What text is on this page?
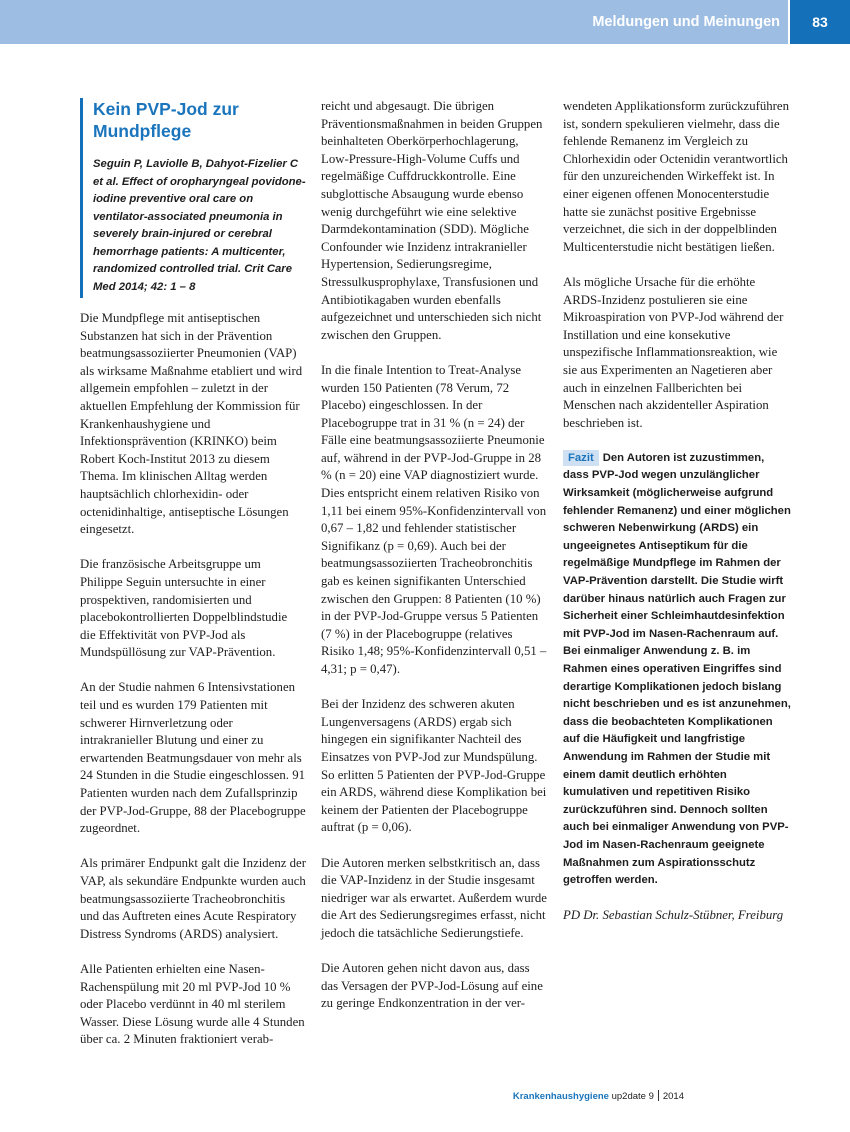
Meldungen und Meinungen	83
Kein PVP-Jod zur Mundpflege
Seguin P, Laviolle B, Dahyot-Fizelier C et al. Effect of oropharyngeal povidone-iodine preventive oral care on ventilator-associated pneumonia in severely brain-injured or cerebral hemorrhage patients: A multicenter, randomized controlled trial. Crit Care Med 2014; 42: 1 – 8

Die Mundpflege mit antiseptischen Substanzen hat sich in der Prävention beatmungsassoziierter Pneumonien (VAP) als wirksame Maßnahme etabliert und wird allgemein empfohlen – zuletzt in der aktuellen Empfehlung der Kommission für Krankenhaushygiene und Infektionsprävention (KRINKO) beim Robert Koch-Institut 2013 zu diesem Thema. Im klinischen Alltag werden hauptsächlich chlorhexidin- oder octenidinhaltige, antiseptische Lösungen eingesetzt.

Die französische Arbeitsgruppe um Philippe Seguin untersuchte in einer prospektiven, randomisierten und placebokontrollierten Doppelblindstudie die Effektivität von PVP-Jod als Mundspüllösung zur VAP-Prävention.

An der Studie nahmen 6 Intensivstationen teil und es wurden 179 Patienten mit schwerer Hirnverletzung oder intrakranieller Blutung und einer zu erwartenden Beatmungsdauer von mehr als 24 Stunden in die Studie eingeschlossen. 91 Patienten wurden nach dem Zufallsprinzip der PVP-Jod-Gruppe, 88 der Placebogruppe zugeordnet.

Als primärer Endpunkt galt die Inzidenz der VAP, als sekundäre Endpunkte wurden auch beatmungsassoziierte Tracheobronchitis und das Auftreten eines Acute Respiratory Distress Syndroms (ARDS) analysiert.

Alle Patienten erhielten eine Nasen-Rachenspülung mit 20 ml PVP-Jod 10 % oder Placebo verdünnt in 40 ml sterilem Wasser. Diese Lösung wurde alle 4 Stunden über ca. 2 Minuten fraktioniert verab-

reicht und abgesaugt. Die übrigen Präventionsmaßnahmen in beiden Gruppen beinhalteten Oberkörperhochlagerung, Low-Pressure-High-Volume Cuffs und regelmäßige Cuffdruckkontrolle. Eine subglottische Absaugung wurde ebenso wenig durchgeführt wie eine selektive Darmdekontamination (SDD). Mögliche Confounder wie Inzidenz intrakranieller Hypertension, Sedierungsregime, Stressulkusprophylaxe, Transfusionen und Antibiotikagaben wurden ebenfalls aufgezeichnet und unterschieden sich nicht zwischen den Gruppen.

In die finale Intention to Treat-Analyse wurden 150 Patienten (78 Verum, 72 Placebo) eingeschlossen. In der Placebogruppe trat in 31 % (n = 24) der Fälle eine beatmungsassoziierte Pneumonie auf, während in der PVP-Jod-Gruppe in 28 % (n = 20) eine VAP diagnostiziert wurde. Dies entspricht einem relativen Risiko von 1,11 bei einem 95%-Konfidenzintervall von 0,67 – 1,82 und fehlender statistischer Signifikanz (p = 0,69). Auch bei der beatmungsassoziierten Tracheobronchitis gab es keinen signifikanten Unterschied zwischen den Gruppen: 8 Patienten (10 %) in der PVP-Jod-Gruppe versus 5 Patienten (7 %) in der Placebogruppe (relatives Risiko 1,48; 95%-Konfidenzintervall 0,51 – 4,31; p = 0,47).

Bei der Inzidenz des schweren akuten Lungenversagens (ARDS) ergab sich hingegen ein signifikanter Nachteil des Einsatzes von PVP-Jod zur Mundspülung. So erlitten 5 Patienten der PVP-Jod-Gruppe ein ARDS, während diese Komplikation bei keinem der Patienten der Placebogruppe auftrat (p = 0,06).

Die Autoren merken selbstkritisch an, dass die VAP-Inzidenz in der Studie insgesamt niedriger war als erwartet. Außerdem wurde die Art des Sedierungsregimes erfasst, nicht jedoch die tatsächliche Sedierungstiefe.

Die Autoren gehen nicht davon aus, dass das Versagen der PVP-Jod-Lösung auf eine zu geringe Endkonzentration in der ver-

wendeten Applikationsform zurückzuführen ist, sondern spekulieren vielmehr, dass die fehlende Remanenz im Vergleich zu Chlorhexidin oder Octenidin verantwortlich für den unzureichenden Wirkeffekt ist. In einer eigenen offenen Monocenterstudie hatte sie zunächst positive Ergebnisse verzeichnet, die sich in der doppelblinden Multicenterstudie nicht bestätigen ließen.

Als mögliche Ursache für die erhöhte ARDS-Inzidenz postulieren sie eine Mikroaspiration von PVP-Jod während der Instillation und eine konsekutive unspezifische Inflammationsreaktion, wie sie aus Experimenten an Nagetieren aber auch in einzelnen Fallberichten bei Menschen nach akzidenteller Aspiration beschrieben ist.

Fazit Den Autoren ist zuzustimmen, dass PVP-Jod wegen unzulänglicher Wirksamkeit (möglicherweise aufgrund fehlender Remanenz) und einer möglichen schweren Nebenwirkung (ARDS) ein ungeeignetes Antiseptikum für die regelmäßige Mundpflege im Rahmen der VAP-Prävention darstellt. Die Studie wirft darüber hinaus natürlich auch Fragen zur Sicherheit einer Schleimhautdesinfektion mit PVP-Jod im Nasen-Rachenraum auf. Bei einmaliger Anwendung z. B. im Rahmen eines operativen Eingriffes sind derartige Komplikationen jedoch bislang nicht beschrieben und es ist anzunehmen, dass die beobachteten Komplikationen auf die Häufigkeit und langfristige Anwendung im Rahmen der Studie mit einem damit deutlich erhöhten kumulativen und repetitiven Risiko zurückzuführen sind. Dennoch sollten auch bei einmaliger Anwendung von PVP-Jod im Nasen-Rachenraum geeignete Maßnahmen zum Aspirationsschutz getroffen werden.

PD Dr. Sebastian Schulz-Stübner, Freiburg

Krankenhaushygiene up2date 9 2014
